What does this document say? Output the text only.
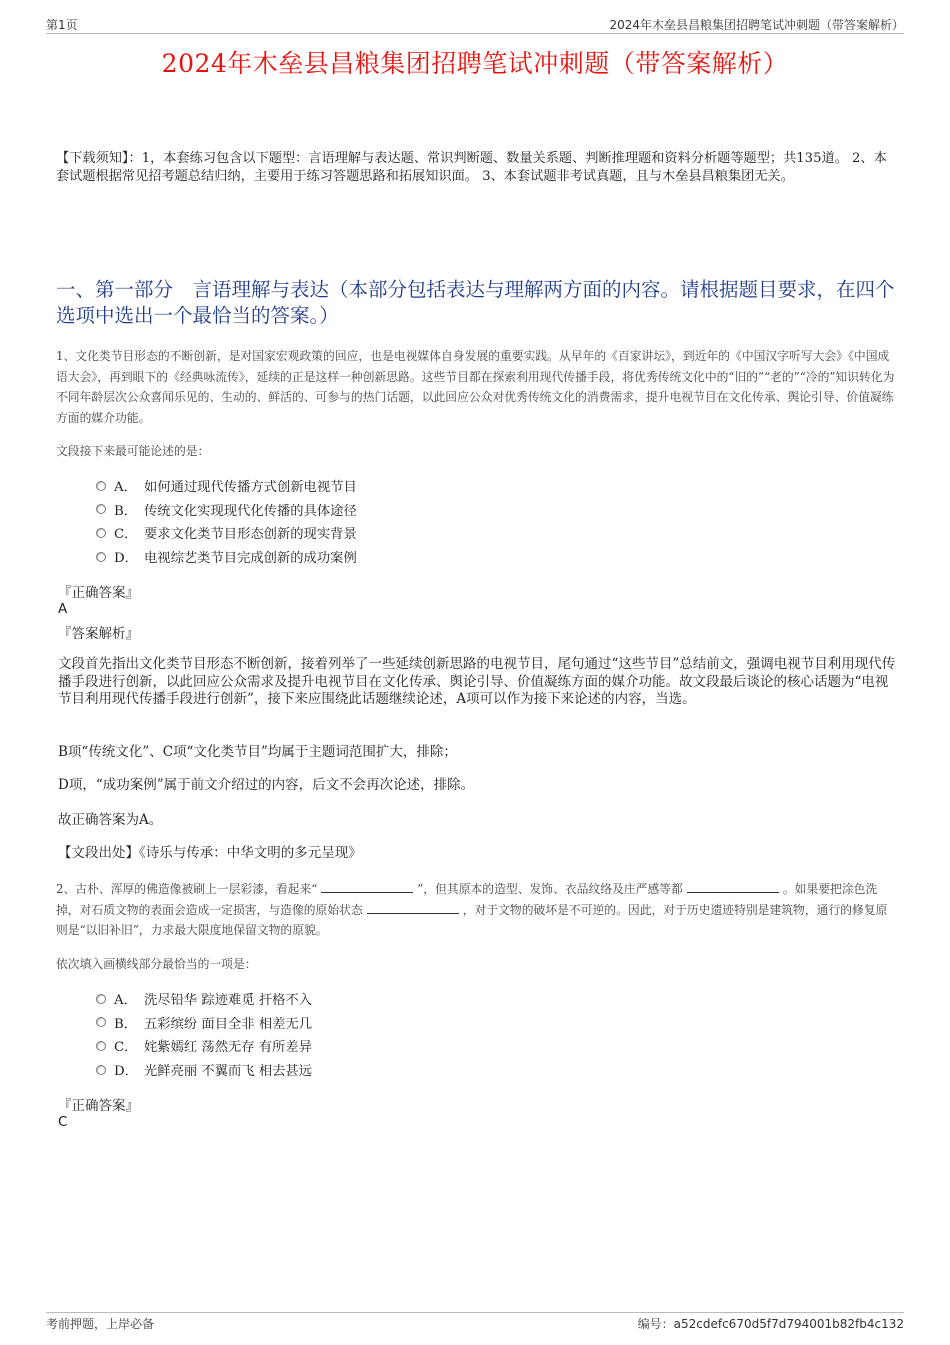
第1页	2024年木垒县昌粮集团招聘笔试冲刺题（带答案解析）
2024年木垒县昌粮集团招聘笔试冲刺题（带答案解析）
【下载须知】：1，本套练习包含以下题型：言语理解与表达题、常识判断题、数量关系题、判断推理题和资料分析题等题型；共135道。 2、本套试题根据常见招考题总结归纳，主要用于练习答题思路和拓展知识面。 3、本套试题非考试真题，且与木垒县昌粮集团无关。
一、第一部分　言语理解与表达（本部分包括表达与理解两方面的内容。请根据题目要求，在四个选项中选出一个最恰当的答案。）
1、文化类节目形态的不断创新，是对国家宏观政策的回应，也是电视媒体自身发展的重要实践。从早年的《百家讲坛》，到近年的《中国汉字听写大会》《中国成语大会》，再到眼下的《经典咏流传》，延续的正是这样一种创新思路。这些节目都在探索利用现代传播手段，将优秀传统文化中的“旧的”“老的”“冷的”知识转化为不同年龄层次公众喜闻乐见的、生动的、鲜活的、可参与的热门话题，以此回应公众对优秀传统文化的消费需求，提升电视节目在文化传承、舆论引导、价值凝练方面的媒介功能。
文段接下来最可能论述的是：
A． 如何通过现代传播方式创新电视节目
B． 传统文化实现现代化传播的具体途径
C． 要求文化类节目形态创新的现实背景
D． 电视综艺类节目完成创新的成功案例
『正确答案』
A
『答案解析』
文段首先指出文化类节目形态不断创新，接着列举了一些延续创新思路的电视节目，尾句通过“这些节目”总结前文，强调电视节目利用现代传播手段进行创新，以此回应公众需求及提升电视节目在文化传承、舆论引导、价值凝练方面的媒介功能。故文段最后谈论的核心话题为“电视节目利用现代传播手段进行创新”，接下来应围绕此话题继续论述，A项可以作为接下来论述的内容，当选。
B项“传统文化”、C项“文化类节目”均属于主题词范围扩大，排除；
D项，“成功案例”属于前文介绍过的内容，后文不会再次论述，排除。
故正确答案为A。
【文段出处】《诗乐与传承：中华文明的多元呈现》
2、古朴、浑厚的佛造像被刷上一层彩漆，看起来“	”，但其原本的造型、发饰、衣品纹络及庄严感等都	。如果要把涂色洗掉，对石质文物的表面会造成一定损害，与造像的原始状态	，对于文物的破坏是不可逆的。因此，对于历史遗迹特别是建筑物，通行的修复原则是“以旧补旧”，力求最大限度地保留文物的原貌。
依次填入画横线部分最恰当的一项是：
A． 洗尽铅华 踪迹难觅 扞格不入
B． 五彩缤纷 面目全非 相差无几
C． 姹紫嫣红 荡然无存 有所差异
D． 光鲜亮丽 不翼而飞 相去甚远
『正确答案』
C
考前押题，上岸必备	编号：a52cdefc670d5f7d794001b82fb4c132
